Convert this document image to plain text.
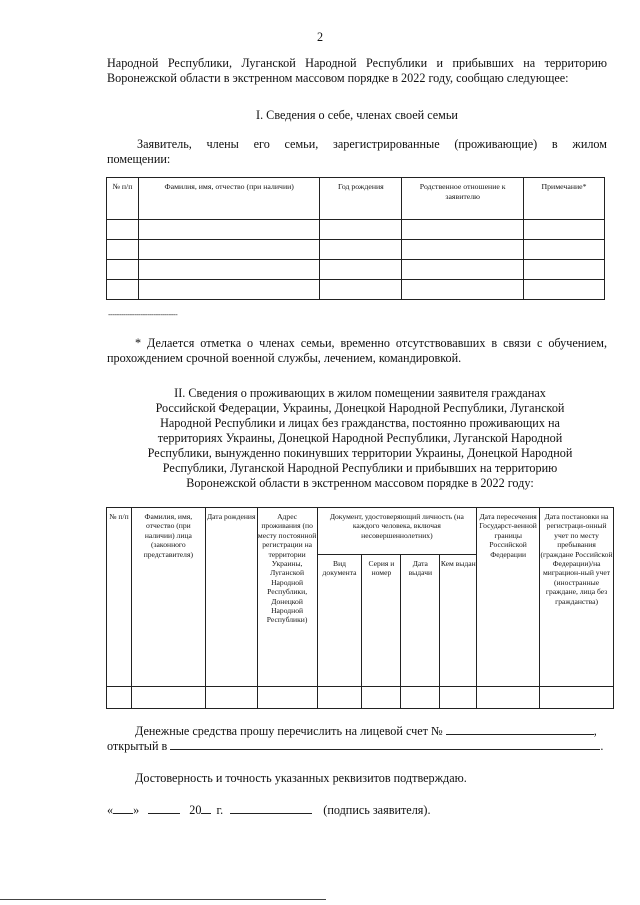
2
Народной Республики, Луганской Народной Республики и прибывших на территорию
Воронежской области в экстренном массовом порядке в 2022 году, сообщаю следующее:
I. Сведения о себе, членах своей семьи
Заявитель, члены его семьи, зарегистрированные (проживающие) в жилом
помещении:
№ п/п	Фамилия, имя, отчество (при наличии)	Год рождения	Родственное отношение к заявителю	Примечание*

--------------------------------
* Делается отметка о членах семьи, временно отсутствовавших в связи с обучением,
прохождением срочной военной службы, лечением, командировкой.
II. Сведения о проживающих в жилом помещении заявителя гражданах
Российской Федерации, Украины, Донецкой Народной Республики, Луганской
Народной Республики и лицах без гражданства, постоянно проживающих на
территориях Украины, Донецкой Народной Республики, Луганской Народной
Республики, вынужденно покинувших территории Украины, Донецкой Народной
Республики, Луганской Народной Республики и прибывших на территорию
Воронежской области в экстренном массовом порядке в 2022 году:
№ п/п	Фамилия, имя, отчество (при наличии) лица (законного представителя)	Дата рождения	Адрес проживания (по месту постоянной регистрации на территории Украины, Луганской Народной Республики, Донецкой Народной Республики)	Документ, удостоверяющий личность (на каждого человека, включая несовершеннолетних)				Дата пересечения Государст-венной границы Российской Федерации	Дата постановки на регистраци-онный учет по месту пребывания (граждане Российской Федерации)/на миграцион-ный учет (иностранные граждане, лица без гражданства)
				Вид документа	Серия и номер	Дата выдачи	Кем выдан		

Денежные средства прошу перечислить на лицевой счет №	,
открытый в	.
Достоверность и точность указанных реквизитов подтверждаю.
« »	20 г.	(подпись заявителя).
